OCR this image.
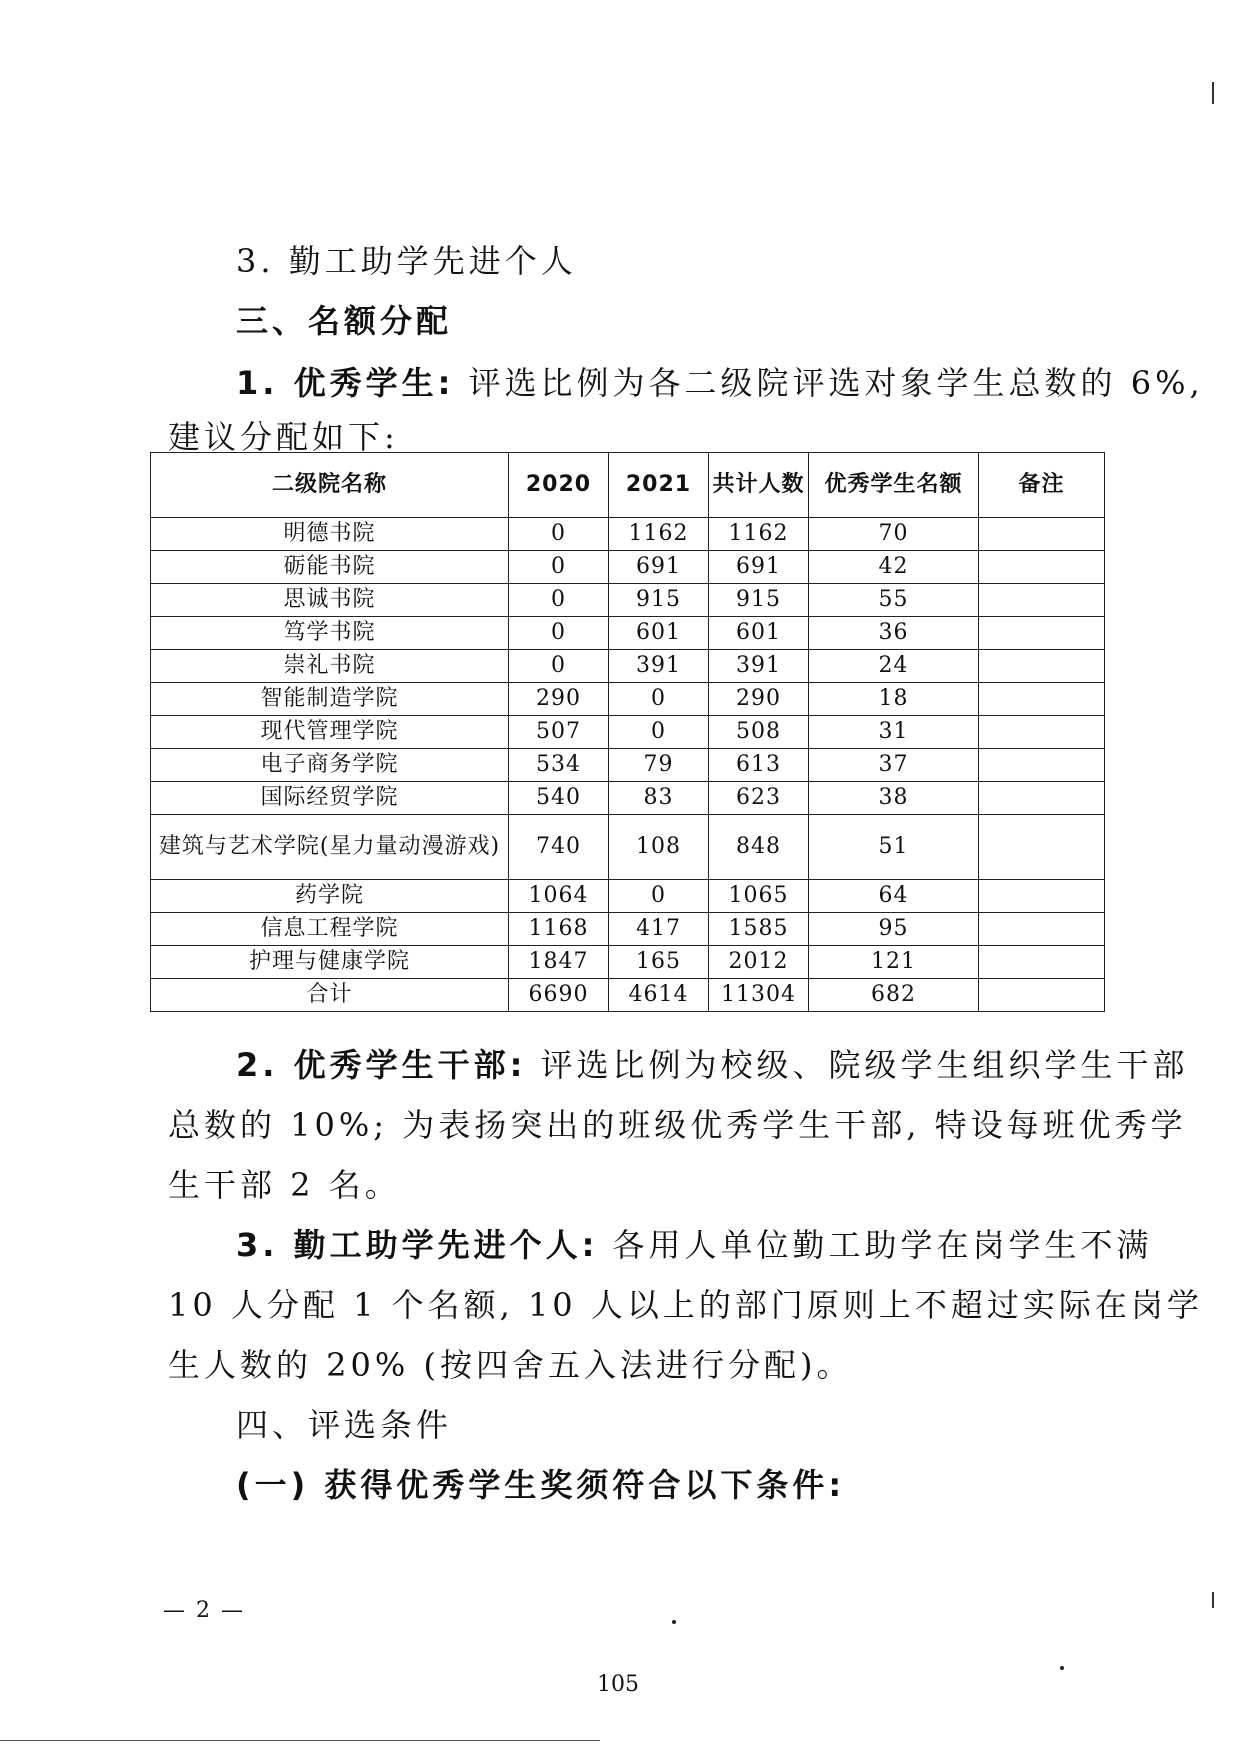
3. 勤工助学先进个人
三、名额分配
1. 优秀学生: 评选比例为各二级院评选对象学生总数的 6%,
建议分配如下:
二级院名称	2020	2021	共计人数	优秀学生名额	备注
明德书院	0	1162	1162	70	
砺能书院	0	691	691	42	
思诚书院	0	915	915	55	
笃学书院	0	601	601	36	
崇礼书院	0	391	391	24	
智能制造学院	290	0	290	18	
现代管理学院	507	0	508	31	
电子商务学院	534	79	613	37	
国际经贸学院	540	83	623	38	
建筑与艺术学院(星力量动漫游戏)	740	108	848	51	
药学院	1064	0	1065	64	
信息工程学院	1168	417	1585	95	
护理与健康学院	1847	165	2012	121	
合计	6690	4614	11304	682	
2. 优秀学生干部: 评选比例为校级、院级学生组织学生干部
总数的 10%; 为表扬突出的班级优秀学生干部, 特设每班优秀学
生干部 2 名。
3. 勤工助学先进个人: 各用人单位勤工助学在岗学生不满
10 人分配 1 个名额, 10 人以上的部门原则上不超过实际在岗学
生人数的 20% (按四舍五入法进行分配)。
四、评选条件
(一) 获得优秀学生奖须符合以下条件:
— 2 —
105
